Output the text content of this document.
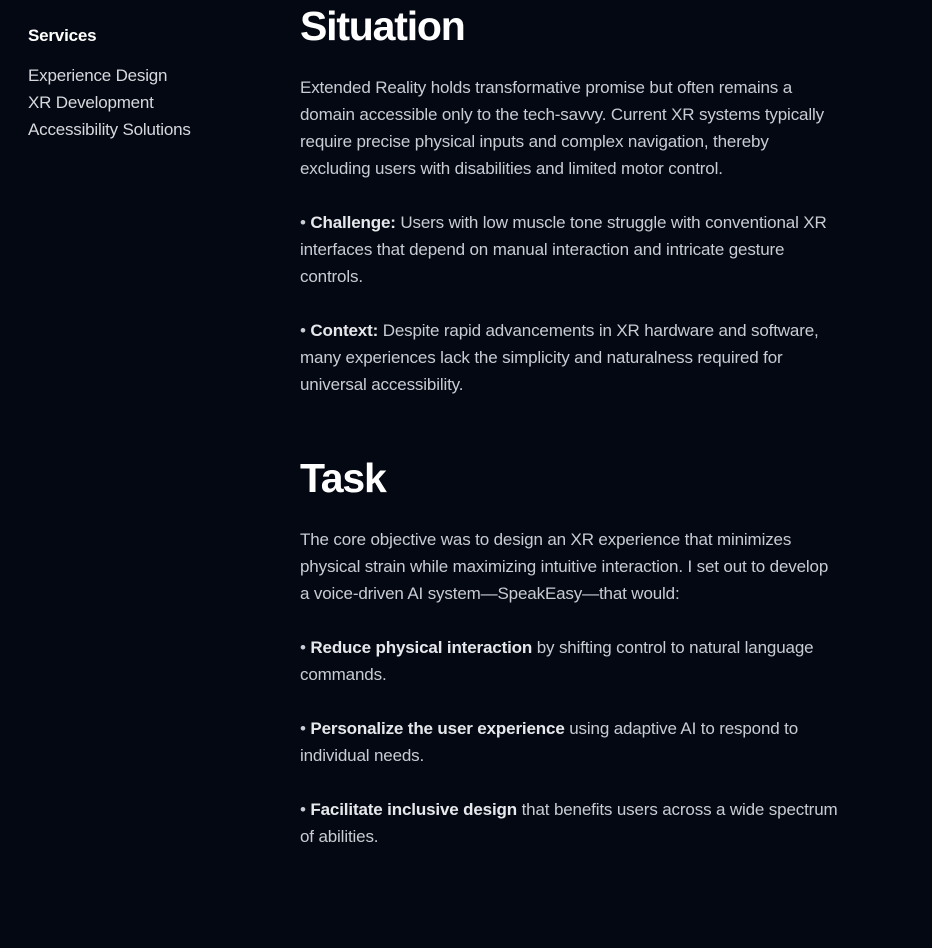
Services
Experience Design
XR Development
Accessibility Solutions
Situation

Extended Reality holds transformative promise but often remains a domain accessible only to the tech-savvy. Current XR systems typically require precise physical inputs and complex navigation, thereby excluding users with disabilities and limited motor control.

• Challenge: Users with low muscle tone struggle with conventional XR interfaces that depend on manual interaction and intricate gesture controls.

• Context: Despite rapid advancements in XR hardware and software, many experiences lack the simplicity and naturalness required for universal accessibility.

Task

The core objective was to design an XR experience that minimizes physical strain while maximizing intuitive interaction. I set out to develop a voice-driven AI system—SpeakEasy—that would:

• Reduce physical interaction by shifting control to natural language commands.

• Personalize the user experience using adaptive AI to respond to individual needs.

• Facilitate inclusive design that benefits users across a wide spectrum of abilities.
